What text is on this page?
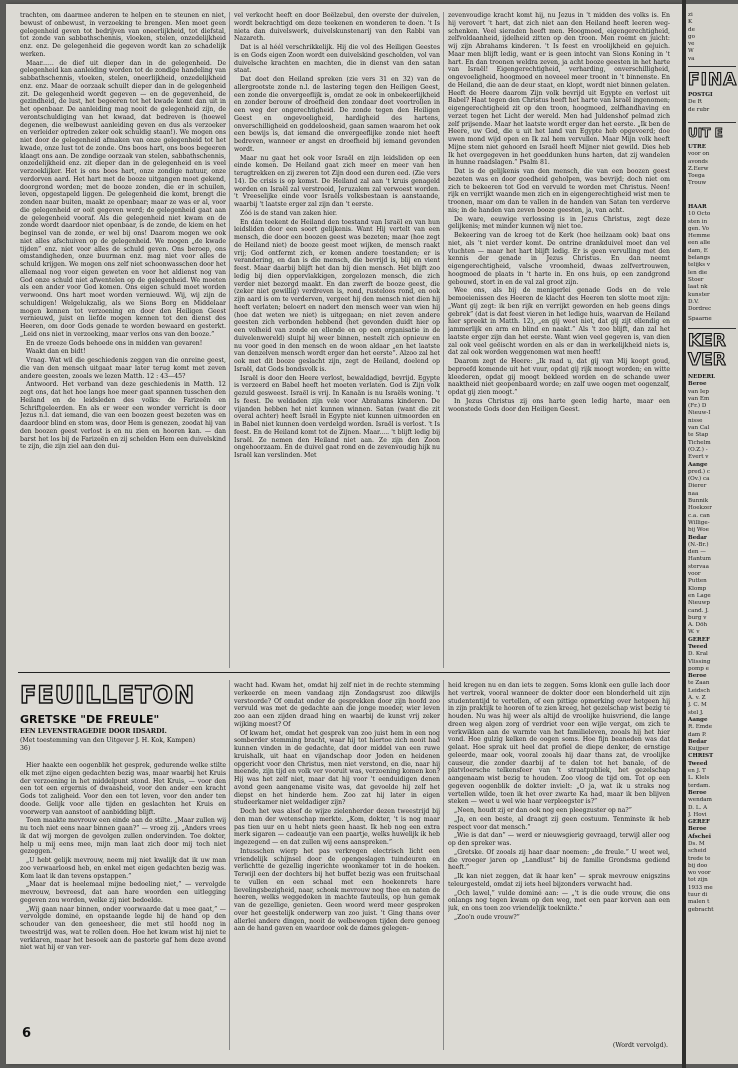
trachten, om daarmee anderen te helpen en te steunen en niet, bewust of onbewust, in verzoeking te brengen. Men moet geen gelegenheid geven tot bedrijven van oneerlijkheid, tot diefstal, tot zonde van sabbathschennis, vloeken, stelen, onzedelijkheid enz. enz. De gelegenheid die gegeven wordt kan zo schadelijk werken.

Maar...... de dief uit dieper dan in de gelegenheid. De gelegenheid kan aanleiding worden tot de zondige handeling van sabbathschennis, vloeken, stelen, oneerlijkheid, onzedelijkheid enz. enz. Maar de oorzaak schuilt dieper dan in de gelegenheid zit. De gelegenheid wordt gegeven — en de gegevenheid, de gezindheid, de lust, het begeeren tot het kwade komt dan uit in het openbaar. De aanleiding mag nooit de gelegenheid zijn, de verontschuldiging van het kwaad, dat bedreven is (hoewel degenen, die welbewust aanleiding geven en dus als verzoeker en verleider optreden zeker ook schuldig staan!). We mogen ons niet door de gelegenheid afmaken van onze gelegenheid tot het kwade, onze lust tot de zonde. Ons boos hart, ons boos begeeren klaagt ons aan. De zondige oorzaak van stelen, sabbathschennis, onzedelijkheid enz. zit dieper dan in de gelegenheid en is veel verzoeklijker. Het is ons boos hart, onze zondige natuur, onze verdorven aard. Het hart met de booze uitgangen moet gekend, doorgrond worden; met de booze zonden, die er in schuilen, leven, opgestapeld liggen. De gelegenheid die komt, brengt die zonden naar buiten, maakt ze openbaar; maar ze was er al, voor die gelegenheid er ooit gegeven werd; de gelegenheid gaat aan de gelegenheid vooraf. Als die gelegenheid niet kwam en de zonde wordt daardoor niet openbaar, is de zonde, de kiem en het beginsel van de zonde, er wel bij ons! Daarom mogen we ook niet alles afschuiven op de gelegenheid. We mogen „de kwade tijden” enz. niet voor alles de schuld geven. Ons beroep, ons omstandigheden, onze buurman enz. mag niet voor alles de schuld krijgen. We mogen ons zelf niet schoonwasschen door het allemaal nog voor eigen geweten en voor het aldienst nog van God onze schuld niet afwentelen op de gelegenheid. We moeten als een ander voor God komen. Ons eigen schuld moet worden verwoond. Ons hart moet worden vernieuwd. Wij, wij zijn de schuldigen! Welgelukzalig, als we Sions Borg en Middelaar mogen kennen tot verzoening en door den Heiligen Geest vernieuwd, juist en liefde mogen kennen tot den dienst des Heeren, om door Gods genade te worden bewaard en gesterkt. „Leid ons niet in verzoeking, maar verlos ons van den booze.”

En de vreeze Gods behoede ons in midden van gevaren!

Waakt dan en bidt!

Vraag. Wat wil die geschiedenis zeggen van die onreine geest, die van den mensch uitgaat maar later terug komt met zeven andere geesten, zooals we lezen Matth. 12 : 43—45?

Antwoord. Het verband van deze geschiedenis in Matth. 12 zegt ons, dat het hoe langs hoe meer gaat spannen tusschen den Heiland en de leidsleden des volks: de Farizeën en Schriftgeleerden. En als er weer een wonder verricht is door Jezus n.l. dat iemand, die van een boozen geest bezeten was en daardoor blind en stom was, door Hem is genezen, zoodat hij van den boozen geest verlost is en nu zien en hooren kan. — dan barst het los bij de Farizeën en zij schelden Hem een duivelskind te zijn, die zijn ziel aan den dui-

vel verkocht heeft en door Beëlzebul, den overste der duivelen, wordt bekrachtigd om deze teekenen en wonderen te doen. 't Is nieta dan duivelswerk, duivelskunstenarij van den Rabbi van Nazareth.

Dat is al héél verschrikkelijk. Hij die vol des Heiligen Geestes is en Gods eigen Zoon wordt een duivelskind gescholden, vol van duivelsche krachten en machten, die in dienst van den satan staat.

Dat doet den Heiland spreken (zie vers 31 en 32) van de allergrootste zonde n.l. de lastering tegen den Heiligen Geest, een zonde die onvergeeflijk is, omdat ze ook in onbekeerlijkheid en zonder berouw of droefheid den zondaar doet voortrollen in een weg der ongerechtigheid. De zonde tegen den Heiligen Geest en ongevoeligheid, hardigheid des hartens, onverschilligheid en goddeloosheid, gaan samen waarom het ook een bewijs is, dat iemand die onvergeeflijke zonde niet heeft bedreven, wanneer er angst en droefheid bij iemand gevonden wordt.

Maar nu gaat het ook voor Israël en zijn leidsliden op een einde komen. De Heiland gaat zich meer en meer van hen terugtrekken en zij zweren tot Zijn dood een duren eed. (Zie vers 14). De crisis is op komst. De Heiland zal aan 't kruis genageld worden en Israël zal verstrooid, Jeruzalem zal verwoest worden. 't Vreeselijke einde voor Israëls volksbestaan is aanstaande, waarbij 't laatste erger zal zijn dan 't eerste.

Zóó is de stand van zaken hier.

En dán teekent de Heiland den toestand van Israël en van hun leidsliden door een soort gelijkenis. Want Hij vertelt van een mensch, die door een boozen geest was bezeten; maar (hoe zegt de Heiland niet) de booze geest moet wijken, de mensch raakt vrij; God ontfermt zich, er komen andere toestanden; er is verandering, en dan is die mensch, die bevrijd is, blij en vient feest. Maar daarbij blijft het dan bij dien mensch. Het blijft zoo ledig bij dien oppervlakkigen, zorgelozen mensch, die zich verder niet bezorgd maakt. En dan zwerft de booze geest, die (zeker niet gewillig) verdreven is, rond, rusteloos rond, en ook zijn aard is om te verderven, vergeet hij den mensch niet dien hij heeft verlaten; beloert en nadert den mensch weer van wien hij (hoe dat weten we niet) is uitgegaan; en niet zeven andere geesten zich verbonden hebbend (het gevonden duidt hier op een volheid van zonde en ellende en op een organisatie in de duivelenwereld) sluipt hij weer binnen, nestelt zich opnieuw en nu voor goed in den mensch en de woon aldaar „en het laatste van denzelven mensch wordt erger dan het eerste”. Alzoo zal het ook met dit booze geslacht zijn, zegt de Heiland, doelend op Israël, dat Gods bondsvolk is.

Israël is door den Heere verlost, bewaldadigd, bevrijd. Egypte is verzeerd en Babel heeft het moeten verlaten. God is Zijn volk gezuld gesweest. Israël is vrij. In Kanaän is nu Israëls woning. 't Is feest. De weldaden zijn vele voor Abrahams kinderen. De vijanden hebben het niet kunnen winnen. Satan (want die zit overal achter) heeft Israël in Egypte niet kunnen uitmoorden en in Babel niet kunnen doen verdelgd worden. Israël is verlost. 't Is feest. En de Heiland komt tot de Zijnen. Maar..... 't blijft ledig bij Israël. Ze nemen den Heiland niet aan. Ze zijn den Zoon ongehoorzaam. En de duivel gaat rond en de zevenvoudig hijk nu Israël kan verslinden. Met

zevenvoudige kracht komt hij, nu Jezus in 't midden des volks is. En hij verovert 't hart, dat zich niet aan den Heiland heeft leeren weg-schenken. Veel sieraden heeft men. Hoogmoed, eigengerechtigheid, zelfvoldaanheid, ijdelheid zitten op den troon. Men roemt en juicht: wij zijn Abrahams kinderen. 't Is feest en vroolijkheid en gejuich. Maar men blijft ledig, want er is geen intocht van Sions Koning in 't hart. En dan troonen weldra zeven, ja acht booze geesten in het harte van Israël! Eigengerechtigheid, verharding, onverschilligheid, ongevoeligheid, hoogmoed en noveeel meer troont in 't binnenste. En de Heiland, die aan de deur staat, en klopt, wordt niet binnen gelaten. Heeft de Heere daarom Zijn volk bevrijd uit Egypte en verlost uit Babel? Haat tegen den Christus heeft het harte van Israël ingenomen; eigengerechtigheid zit op den troon, hoogmoed, zelfhandhaving en verzet tegen het Licht der wereld. Men had Juldenshof pelmad zich zelf prijsende. Maar het laatste wordt erger dan het eerste. „Ik ben de Heere, uw God, die u uit het land van Egypte heb opgevoerd; doe uwen mond wijd open en Ik zal hem vervullen. Maar Mijn volk heeft Mijne stem niet gehoord en Israël heeft Mijner niet gewild. Dies heb Ik het overgegeven in het goeddunken huns harten, dat zij wandelen in hunne raadslagen.” Psalm 81.

Dat is de gelijkenis van den mensch, die van een boozen geest bezeten was en door goedheid geholpen, was bevrijd; doch niet om zich te bekeeren tot God en vervuld te worden met Christus. Neen! rijk en verrijkt waande men zich en in eigengerechtigheid wist men te troonen, maar om dan te vallen in de handen van Satan ten verderve nis; in de handen van zeven booze geesten, ja, van acht.

De ware, eeuwige verlossing is in Jezus Christus, zegt deze gelijkenis; met minder kunnen wij niet toe.

Bekeering van de kroeg tot de Kerk (hoe heilzaam ook) baat ons niet, als 't niet verder komt. De ontrine drankduivel moet dan vel vluchten — maar het hart blijft ledig. Er is geen vervulling met den kennis der genade in Jezus Christus. En dan neemt eigengerechtigheid, valsche vroomheid, dwaas zelfvertrouwen, hoogmoed de plaats in 't harte in. En ons huis, op een zandgrond gebouwd, stort in en de val zal groot zijn.

Wee ons, als bij de menigerlei genade Gods en de vele bemoeienissen des Heeren de klacht des Heeren ten slotte moet zijn: „Want gij zegt: ik ben rijk en verrijkt geworden en heb geens dings gebrek” (dat is dat feest vieren in het ledige huis, waarvan de Heiland hier spreekt in Matth. 12), „en gij weet niet, dat gij zijt ellendig en jammerlijk en arm en blind en naakt.” Als 't zoo blijft, dan zal het laatste erger zijn dan het eerste. Want wien veel gegeven is, van dien zal ook veel geëischt worden en als er dan in werkelijkheid niets is, dat zal ook worden weggenomen wat men heeft!

Daarom zegt de Heere: „Ik raad u, dat gij van Mij koopt goud, beproefd komende uit het vuur, opdat gij rijk moogt worden; en witte kleederen, opdat gij moogt bekleed worden en de schande uwer naaktheid niet geopenbaard worde; en zalf uwe oogen met oogenzalf, opdat gij zien moogt.”

In Jezus Christus zij ons harte geen ledig harte, maar een woonstede Gods door den Heiligen Geest.

FEUILLETON
GRETSKE "DE FREULE"
EEN LEVENSTRAGEDIE DOOR IDSARDI.
(Met toestemming van den Uitgever J. H. Kok, Kampen)
36)

Hier haakte een oogenblik het gesprek, gedurende welke stilte elk met zijne eigen gedachten bezig was, maar waarbij het Kruis der verzoening in het middelpunt stond. Het Kruis, — voor den een tot een ergernis of dwaasheid, voor den ander een kracht Gods tot zaligheid. Voor den een tot leven, voor den ander ten doode. Gelijk voor alle tijden en geslachten het Kruis en voorwerp van aanstoot of aanbidding blijft.

Toen maakte mevrouw een einde aan de stilte. „Maar zullen wij nu toch niet eens naar binnen gaan?” — vroeg zij. „Anders vrees ik dat wij morgen de gevolgen zullen ondervinden. Toe dokter, help u mij eens mee, mijn man laat zich door mij toch niet gezeggen.”

„U hebt gelijk mevrouw, neem mij niet kwalijk dat ik uw man zoo verwaarloosd heb, en enkel met eigen gedachten bezig was. Kom laat ik dan tevens opstappen.”

„Maar dat is heelemaal mijne bedoeling niet,” — vervolgde mevrouw, bevreesd, dat aan hare woorden een uitlegging gegeven zou worden, welke zij niet bedoelde.

„Wij gaan naar binnen, onder voorwaarde dat u mee gaat,” — vervolgde dominé, en opstaande legde hij de hand op den schouder van den geneesheer, die met stil hoofd nog in tweestrijd was, wat te rollen doen. Hoe het kwam wist hij niet te verklaren, maar het besoek aan de pastorie gaf hem deze avond niet wat hij er van ver-

wacht had. Kwam het, omdat hij zelf niet in de rechte stemming verkeerde en meen vandaag zijn Zondagsrust zoo dikwijls verstoorde? Of omdat onder de gesprekken door zijn hoofd zoo vervuld was met de gedachte aan die jonge moeder, wier leven zoo aan een zijden draad hing en waarbij de kunst vrij zeker wijking moest? Of

Of kwam het, omdat het gesprek van zoo juist hem in een nog somberder stemming bracht, waar hij tot hiertoe zich nooit had kunnen vinden in de gedachte, dat door middel van een ruwe kruishalk, uit haat en vijandschap door Joden en heidenen opgericht voor den Christus, men niet verstond, en die, naar hij meende, zijn tijd en volk ver vooruit was, verzoening komen kon? Hij was het zelf niet, maar dat hij voor 't eenduidigen denen avond geen aangename visite was, dat gevoelde hij zelf het diepst en het hinderde hem. Zoo zat hij later in eigen studeerkamer niet weldadiger zijn?

Doch het was alsof de wijze zielenherder dezen tweestrijd bij den man der wetenschap merkte. „Kom, dokter, 't is nog maar pas tien uur en u hebt niets geen haast. Ik heb nog een extra merk sigaren — cadeautje van een paartje, welks huwelijk ik heb ingezegend — en dat zullen wij eens aanspreken.”

Intusschen wierp het pas verkregen electrisch licht een vriendelijk schijnsel door de opengeslagen tuindeuren en verlichtte de gezellig ingerichte woonkamer tot in de hoeken. Terwijl een der dochters bij het buffet bezig was een fruitschaal te vullen en een schaal met een hoekenrets hare lievelingsbezigheid, naar, schonk mevrouw nog thee en naten de heeren, welks weggedoken in machte fauteuils, op hun gemak van de gezellige, genieten. Geen woord werd meer gesproken over het geestelijk onderwerp van zoo juist. 't Ging thans over allerlei andere dingen, nooit de welbewogen tijden dere genoeg aan de hand gaven en waardoor ook de dames gelegen-

heid kregen nu en dan iets te zeggen. Soms klonk een gulle lach door het vertrek, vooral wanneer de dokter door een blonderheld uit zijn studententijd te vertellen, of een pittige opmerking over hetgeen hij in zijn praktijk te hooren of te zien kreeg, het gezelschap wist bezig te houden. Nu was hij weer als altijd de vroolijke huisvriend, die lange dreen weg algen zorg of verdriet voor een wijle vergat, om zich te verkwikken aan de warmte van het familieleven, zooals hij het hier vond. Hoe gulzig kelken de oogen soms. Hoe fijn beaneden was dat gelaat. Hoe sprak uit heel dat profiel de diepe denker, de ernstige geleerde, maar ook, vooral zooals hij daar thans zat, de vroolijke causeur, die zonder daarbij af te dalen tot het banale, of de platvloersche telkensfeer van 't straatpubliek, het gezelschap aangenaam wist bezig te houden. Zoo vloog de tijd om. Tot op een gegeven oogenblik de dokter invielt: „O ja, wat ik u straks nog vertellen wilde, toen ik het over zwarte Ka had, maar ik ben blijven steken — weet u wel wie haar verpleegster is?”

„Neen, houdt zij er dan ook nog een pleegzuster op na?”

„Ja, en een beste, al draagt zij geen costuum. Tenminste ik heb respect voor dat mensch.”

„Wie is dat dan” — werd er nieuwsgierig gevraagd, terwijl aller oog op den spreker was.

„Gretske. Of zooals zij haar daar noemen: „de freule.” U weet wel, die vroeger jaren op „Landlust” bij de familie Grondsma gediend heeft.”

„Ik kan niet zeggen, dat ik haar ken” — sprak mevrouw enigszins teleurgesteld, omdat zij iets heel bijzonders verwacht had.

„Och lawel,” vulde dominé aan: — „'t is die oude vrouw, die ons onlangs nog tegen kwam op den weg, met een paar korven aan een juk, en ons toen zoo vriendelijk toeknikte.”

„Zoo'n oude vrouw?”

6
(Wordt vervolgd).
zi
K
de
go
ve
W
va
FINA
POSTGI
De R
de rubr
UIT E
UTRE
voor on
avonds
Z.Eerw
Toega
Trouw
HAAR
10 Octo
sten in
gen. Vo
Hemme
een alle
dam, E
belangs
telijks v
len die
Stoer
laat nk
kunster
D.V.
Dordrec
Spaarne
KER
VER
NEDERL
Beroe
van Iep
van Em
(Fr.) D
Nieuw-I
nisse
van Cal
te Stap
Tichelm
(O.Z.) -
Evert v
Aange
pred.) c
(Ov.) ca
Dierer
naa
Bunnik
Hoekzer
c.a. can
Willige-
bij Woe
Bedar
(N.-Br.)
den —
Hantum
stervaa
voor
Putten
Klomp
en Lage
Nieuwp
cand. J.
burg v
A. Döh
W. v
GEREF
Tweed
D. Kral
Vlissing
pomp e
Beroe
te Zaan
Leidsch
A. v. Z
J. C. M
stel J.
Aange
R. Emde
dam P.
Bedar
Kuijper
CHRIST
Tweed
en J. T
L. Klels
terdam.
Beroe
wendam
D. L. A
J. Hovi
GEREF
Beroe
Afschei
Ds. M
scheid
trede te
bij doo
wo voor
tot zijn
1933 me
tuur di
malen t
gebracht
